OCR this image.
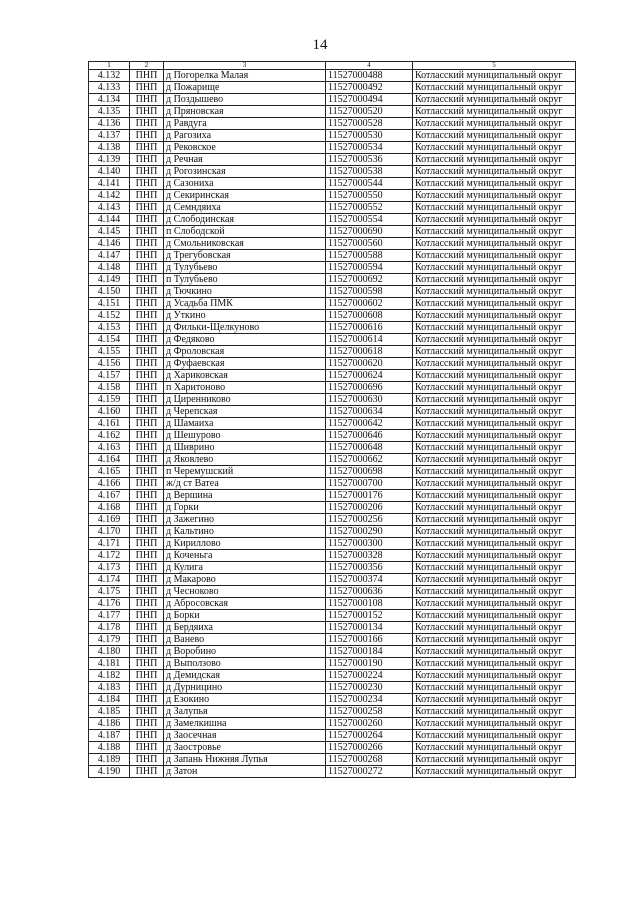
14
1	2	3	4	5
4.132	ПНП	д Погорелка Малая	11527000488	Котласский муниципальный округ
4.133	ПНП	д Пожарище	11527000492	Котласский муниципальный округ
4.134	ПНП	д Поздышево	11527000494	Котласский муниципальный округ
4.135	ПНП	д Пряновская	11527000520	Котласский муниципальный округ
4.136	ПНП	д Равдуга	11527000528	Котласский муниципальный округ
4.137	ПНП	д Рагозиха	11527000530	Котласский муниципальный округ
4.138	ПНП	д Рековское	11527000534	Котласский муниципальный округ
4.139	ПНП	д Речная	11527000536	Котласский муниципальный округ
4.140	ПНП	д Рогозинская	11527000538	Котласский муниципальный округ
4.141	ПНП	д Сазониха	11527000544	Котласский муниципальный округ
4.142	ПНП	д Секиринская	11527000550	Котласский муниципальный округ
4.143	ПНП	д Семндяиха	11527000552	Котласский муниципальный округ
4.144	ПНП	д Слободинская	11527000554	Котласский муниципальный округ
4.145	ПНП	п Слободской	11527000690	Котласский муниципальный округ
4.146	ПНП	д Смольниковская	11527000560	Котласский муниципальный округ
4.147	ПНП	д Трегубовская	11527000588	Котласский муниципальный округ
4.148	ПНП	д Тулубьево	11527000594	Котласский муниципальный округ
4.149	ПНП	п Тулубьево	11527000692	Котласский муниципальный округ
4.150	ПНП	д Тючкино	11527000598	Котласский муниципальный округ
4.151	ПНП	д Усадьба ПМК	11527000602	Котласский муниципальный округ
4.152	ПНП	д Уткино	11527000608	Котласский муниципальный округ
4.153	ПНП	д Фильки-Щелкуново	11527000616	Котласский муниципальный округ
4.154	ПНП	д Федяково	11527000614	Котласский муниципальный округ
4.155	ПНП	д Фроловская	11527000618	Котласский муниципальный округ
4.156	ПНП	д Фуфаевская	11527000620	Котласский муниципальный округ
4.157	ПНП	д Хариковская	11527000624	Котласский муниципальный округ
4.158	ПНП	п Харитоново	11527000696	Котласский муниципальный округ
4.159	ПНП	д Циренниково	11527000630	Котласский муниципальный округ
4.160	ПНП	д Черепская	11527000634	Котласский муниципальный округ
4.161	ПНП	д Шамаиха	11527000642	Котласский муниципальный округ
4.162	ПНП	д Шешурово	11527000646	Котласский муниципальный округ
4.163	ПНП	д Шиврино	11527000648	Котласский муниципальный округ
4.164	ПНП	д Яковлево	11527000662	Котласский муниципальный округ
4.165	ПНП	п Черемушский	11527000698	Котласский муниципальный округ
4.166	ПНП	ж/д ст Ватеа	11527000700	Котласский муниципальный округ
4.167	ПНП	д Вершина	11527000176	Котласский муниципальный округ
4.168	ПНП	д Горки	11527000206	Котласский муниципальный округ
4.169	ПНП	д Зажегино	11527000256	Котласский муниципальный округ
4.170	ПНП	д Кальтино	11527000290	Котласский муниципальный округ
4.171	ПНП	д Кириллово	11527000300	Котласский муниципальный округ
4.172	ПНП	д Коченьга	11527000328	Котласский муниципальный округ
4.173	ПНП	д Кулига	11527000356	Котласский муниципальный округ
4.174	ПНП	д Макарово	11527000374	Котласский муниципальный округ
4.175	ПНП	д Чесноково	11527000636	Котласский муниципальный округ
4.176	ПНП	д Абросовская	11527000108	Котласский муниципальный округ
4.177	ПНП	д Борки	11527000152	Котласский муниципальный округ
4.178	ПНП	д Бердяиха	11527000134	Котласский муниципальный округ
4.179	ПНП	д Ванево	11527000166	Котласский муниципальный округ
4.180	ПНП	д Воробино	11527000184	Котласский муниципальный округ
4.181	ПНП	д Выползово	11527000190	Котласский муниципальный округ
4.182	ПНП	д Демидская	11527000224	Котласский муниципальный округ
4.183	ПНП	д Дурницино	11527000230	Котласский муниципальный округ
4.184	ПНП	д Езокино	11527000234	Котласский муниципальный округ
4.185	ПНП	д Залупья	11527000258	Котласский муниципальный округ
4.186	ПНП	д Замелкишна	11527000260	Котласский муниципальный округ
4.187	ПНП	д Заосечная	11527000264	Котласский муниципальный округ
4.188	ПНП	д Заостровье	11527000266	Котласский муниципальный округ
4.189	ПНП	д Запань Нижняя Лупья	11527000268	Котласский муниципальный округ
4.190	ПНП	д Затон	11527000272	Котласский муниципальный округ
